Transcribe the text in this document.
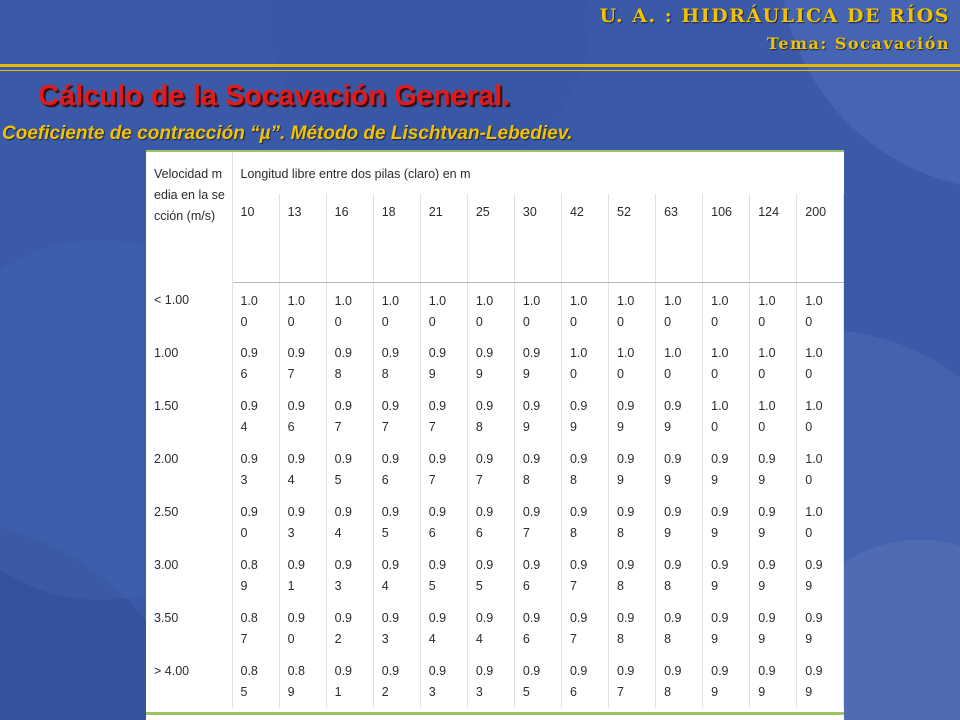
U. A. : HIDRÁULICA DE RÍOS
Tema: Socavación
Cálculo de la Socavación General.
Coeficiente de contracción “µ”. Método de Lischtvan-Lebediev.

Velocidad media en la sección (m/s)	Longitud libre entre dos pilas (claro) en m												
	10	13	16	18	21	25	30	42	52	63	106	124	200
< 1.00	1.00	1.00	1.00	1.00	1.00	1.00	1.00	1.00	1.00	1.00	1.00	1.00	1.00
1.00	0.96	0.97	0.98	0.98	0.99	0.99	0.99	1.00	1.00	1.00	1.00	1.00	1.00
1.50	0.94	0.96	0.97	0.97	0.97	0.98	0.99	0.99	0.99	0.99	1.00	1.00	1.00
2.00	0.93	0.94	0.95	0.96	0.97	0.97	0.98	0.98	0.99	0.99	0.99	0.99	1.00
2.50	0.90	0.93	0.94	0.95	0.96	0.96	0.97	0.98	0.98	0.99	0.99	0.99	1.00
3.00	0.89	0.91	0.93	0.94	0.95	0.95	0.96	0.97	0.98	0.98	0.99	0.99	0.99
3.50	0.87	0.90	0.92	0.93	0.94	0.94	0.96	0.97	0.98	0.98	0.99	0.99	0.99
> 4.00	0.85	0.89	0.91	0.92	0.93	0.93	0.95	0.96	0.97	0.98	0.99	0.99	0.99
